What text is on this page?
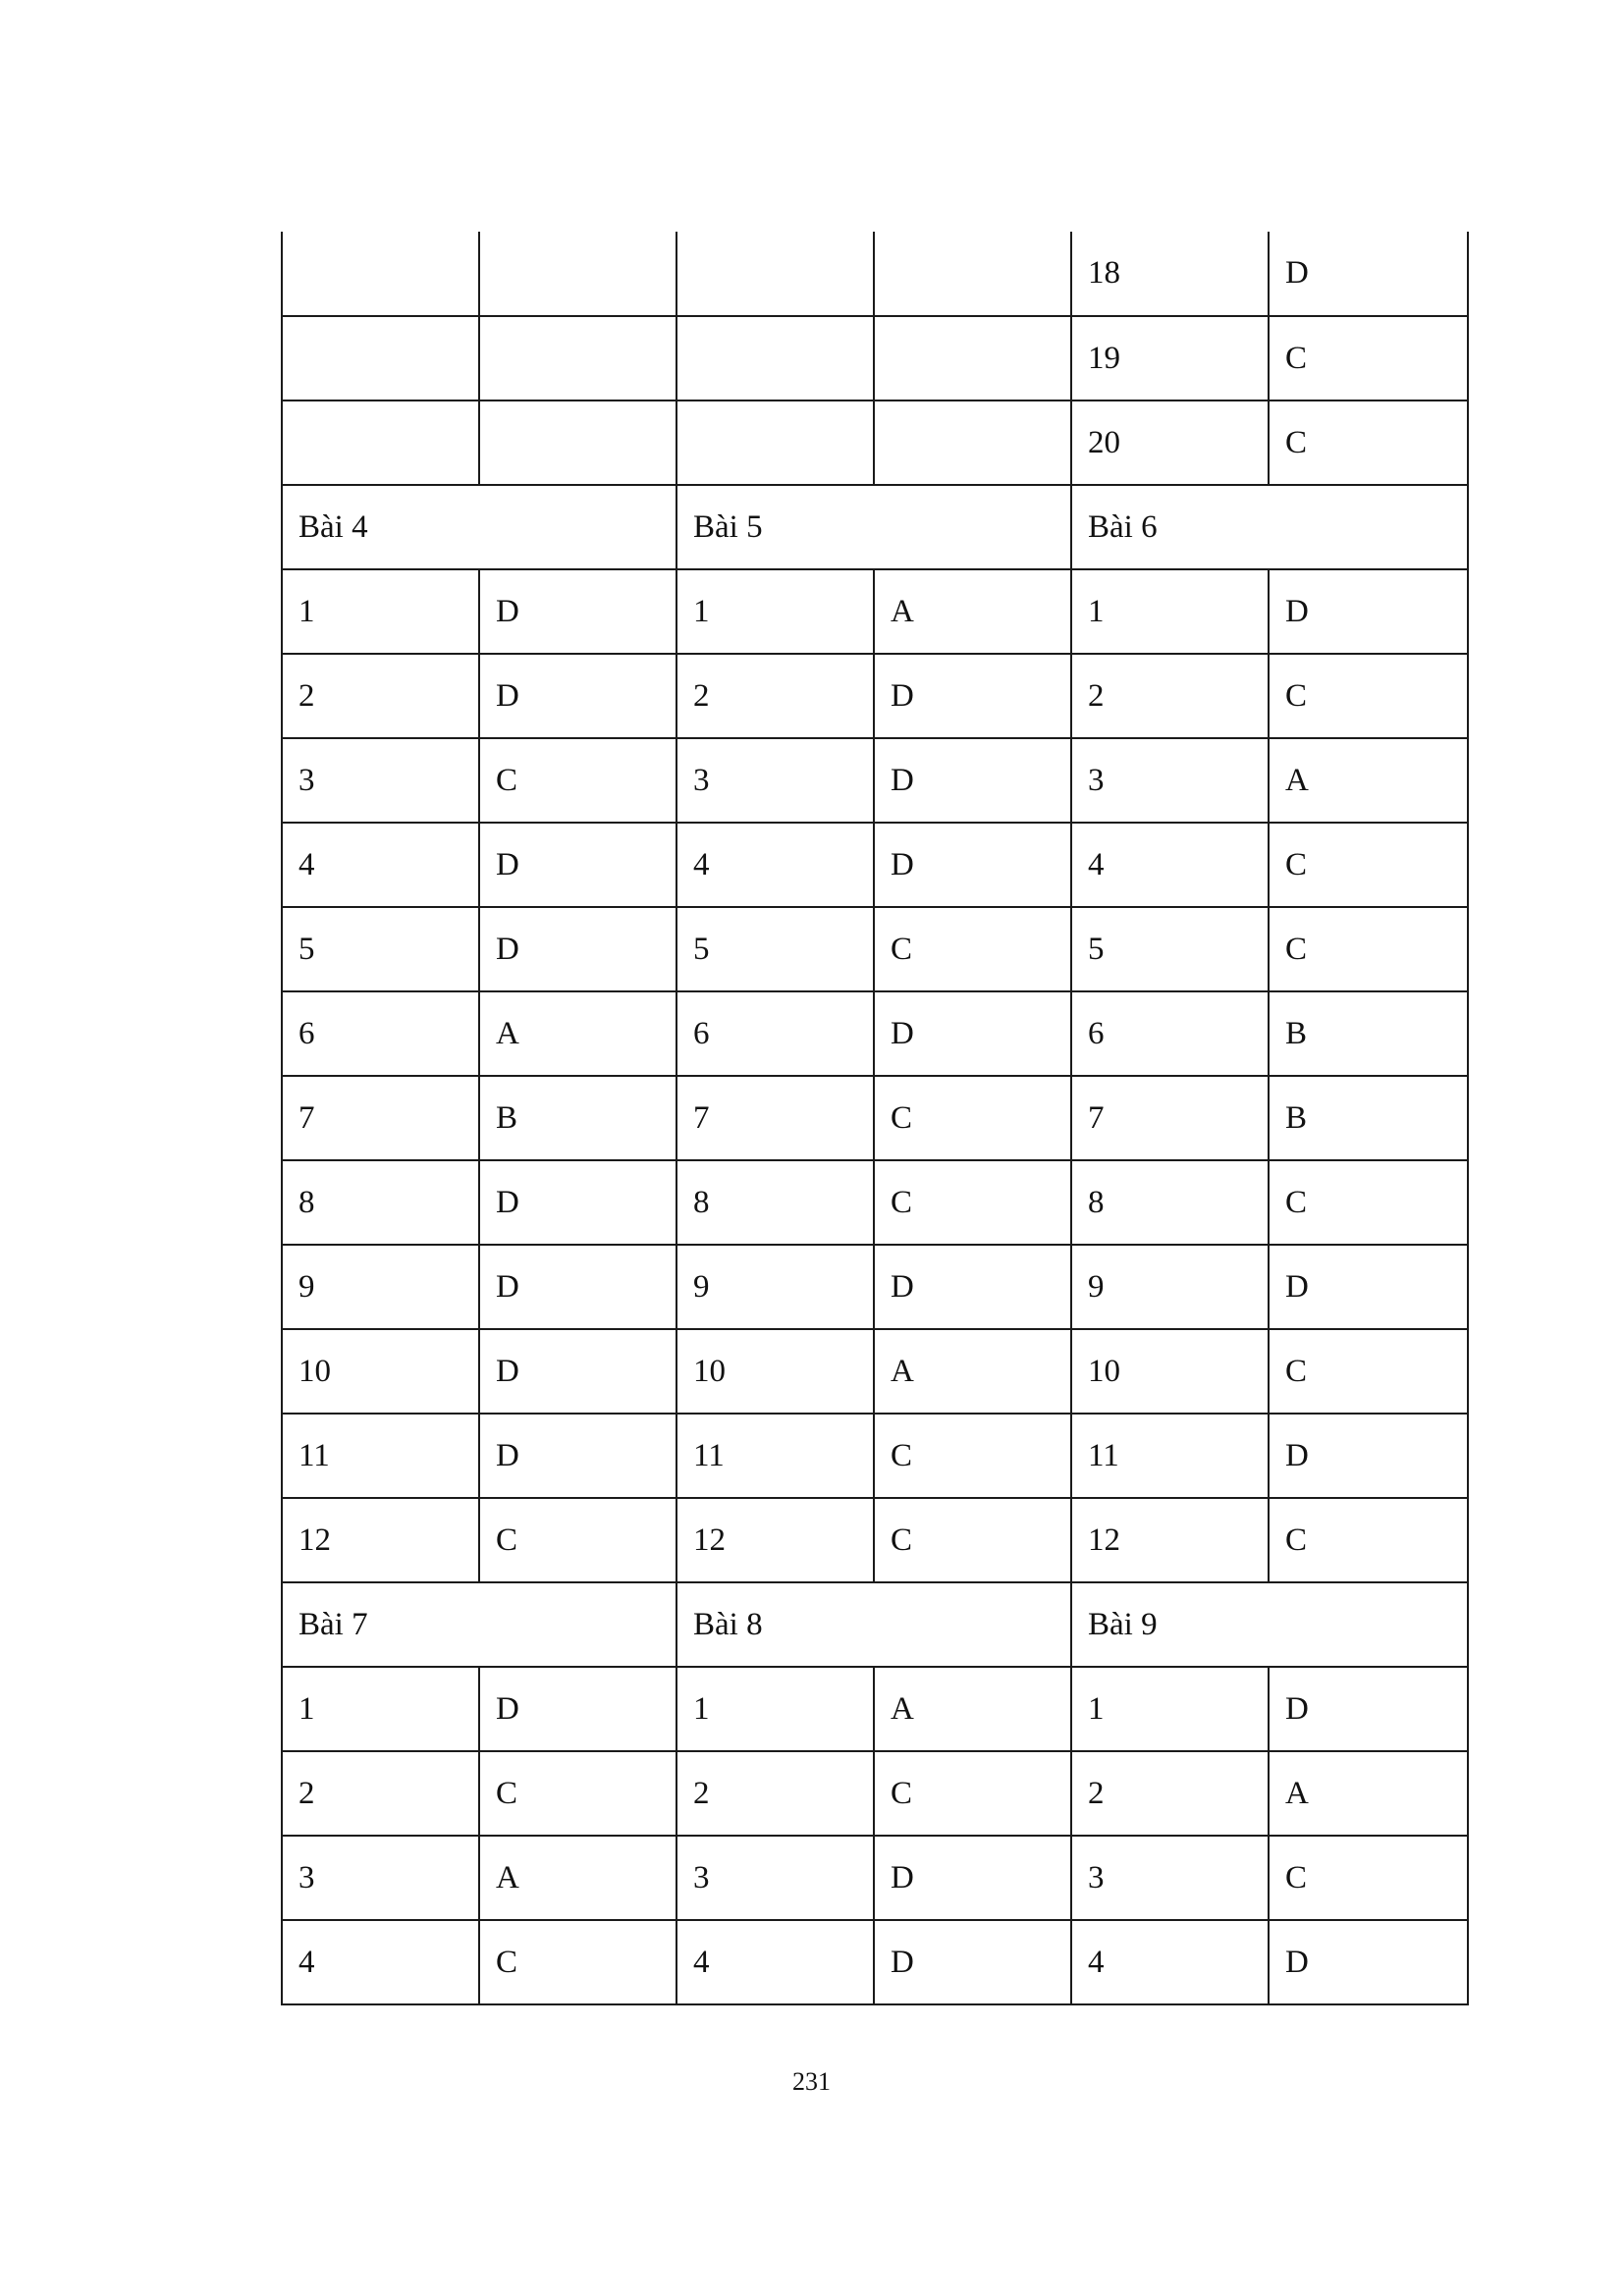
				18	D
				19	C
				20	C
Bài 4		Bài 5		Bài 6	
1	D	1	A	1	D
2	D	2	D	2	C
3	C	3	D	3	A
4	D	4	D	4	C
5	D	5	C	5	C
6	A	6	D	6	B
7	B	7	C	7	B
8	D	8	C	8	C
9	D	9	D	9	D
10	D	10	A	10	C
11	D	11	C	11	D
12	C	12	C	12	C
Bài 7		Bài 8		Bài 9	
1	D	1	A	1	D
2	C	2	C	2	A
3	A	3	D	3	C
4	C	4	D	4	D
231
